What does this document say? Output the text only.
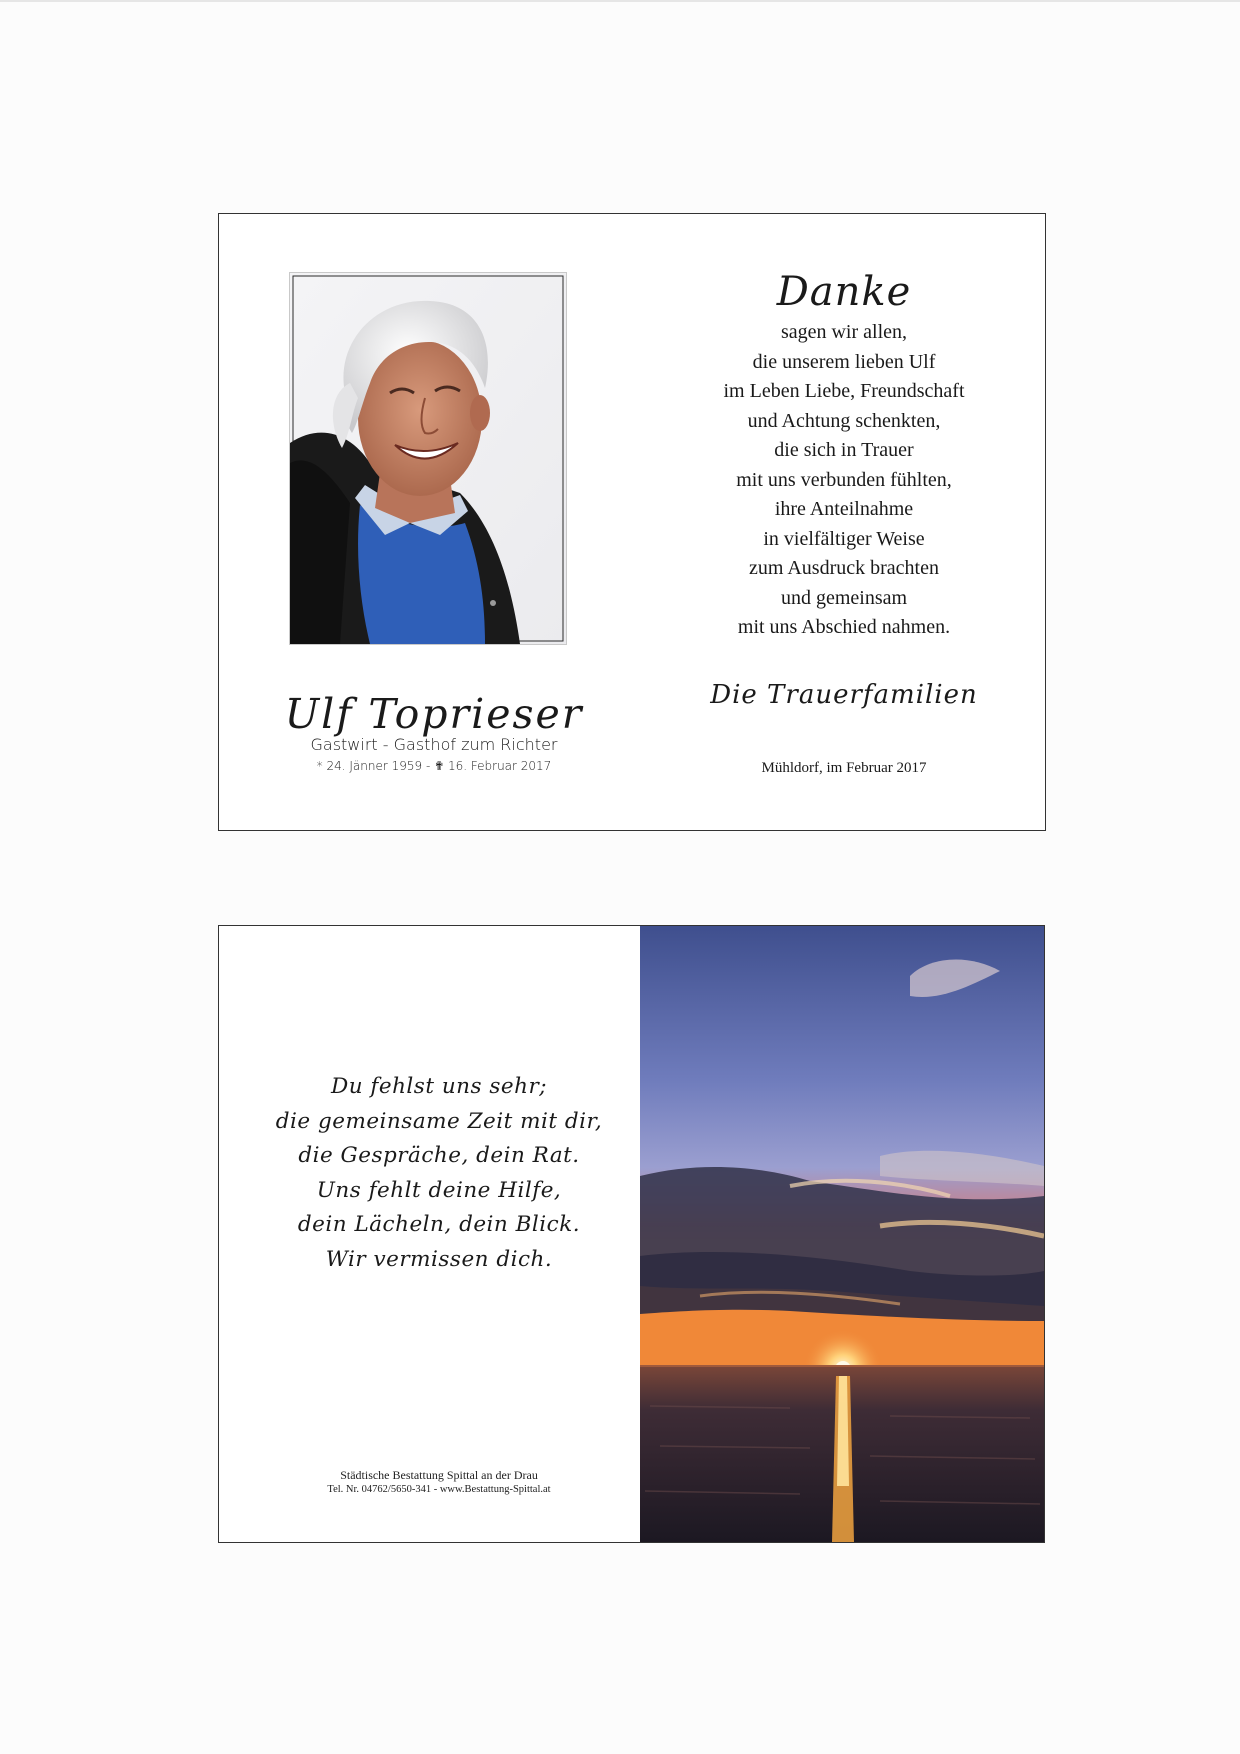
Ulf Toprieser
Gastwirt - Gasthof zum Richter
* 24. Jänner 1959 - ✟ 16. Februar 2017
Danke
sagen wir allen,
die unserem lieben Ulf
im Leben Liebe, Freundschaft
und Achtung schenkten,
die sich in Trauer
mit uns verbunden fühlten,
ihre Anteilnahme
in vielfältiger Weise
zum Ausdruck brachten
und gemeinsam
mit uns Abschied nahmen.
Die Trauerfamilien
Mühldorf, im Februar 2017
Du fehlst uns sehr;
die gemeinsame Zeit mit dir,
die Gespräche, dein Rat.
Uns fehlt deine Hilfe,
dein Lächeln, dein Blick.
Wir vermissen dich.
Städtische Bestattung Spittal an der Drau
Tel. Nr. 04762/5650-341 - www.Bestattung-Spittal.at
